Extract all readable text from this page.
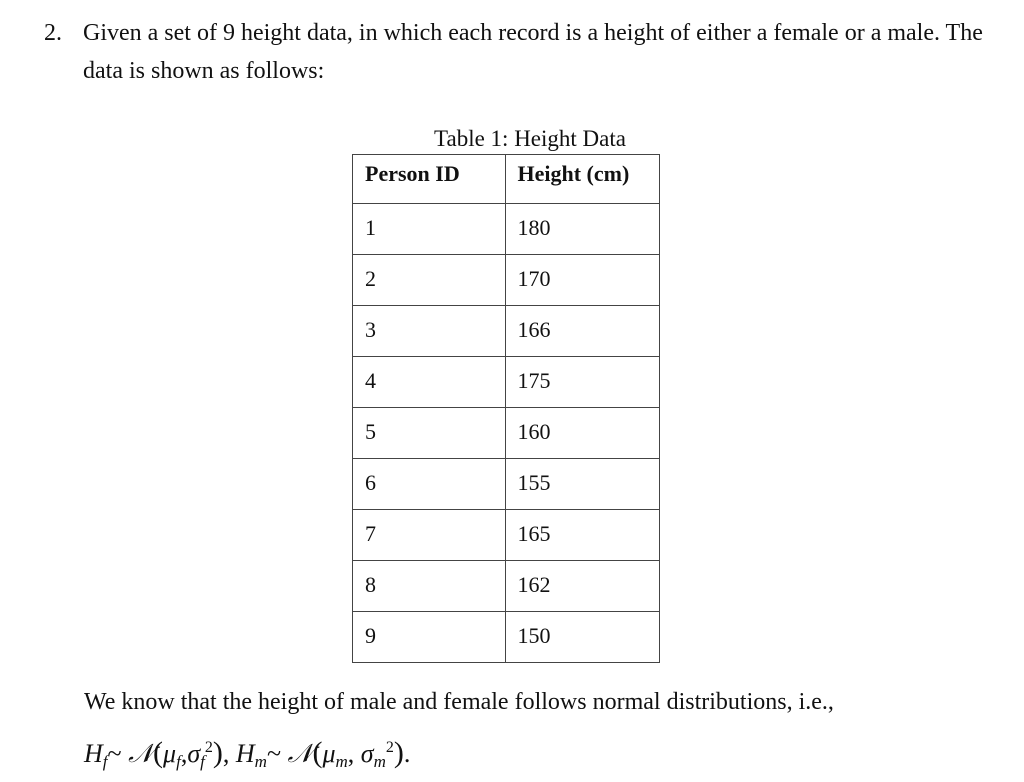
2. Given a set of 9 height data, in which each record is a height of either a female or a male. The data is shown as follows:
Table 1: Height Data
Person ID	Height (cm)
1	180
2	170
3	166
4	175
5	160
6	155
7	165
8	162
9	150
We know that the height of male and female follows normal distributions, i.e.,
$H_f\sim$ $𝒩(\mu_f,\sigma_f^2)$, $H_m\sim$ $𝒩(\mu_m$, $\sigma_m^2$).
